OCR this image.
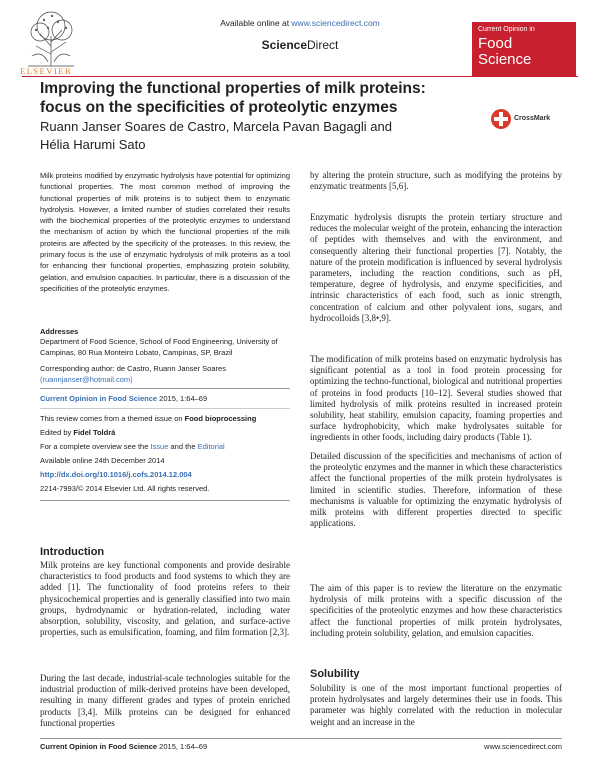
ELSEVIER
Available online at www.sciencedirect.com
ScienceDirect
Current Opinion in
Food
Science
Improving the functional properties of milk proteins:
focus on the specificities of proteolytic enzymes
Ruann Janser Soares de Castro, Marcela Pavan Bagagli and
Hélia Harumi Sato
CrossMark
Milk proteins modified by enzymatic hydrolysis have potential for optimizing functional properties. The most common method of improving the functional properties of milk proteins is to subject them to enzymatic hydrolysis. However, a limited number of studies correlated their results with the biochemical properties of the proteolytic enzymes to understand the mechanism of action by which the functional properties of the milk proteins are affected by the specificity of the proteases. In this review, the primary focus is the use of enzymatic hydrolysis of milk proteins as a tool for enhancing their functional properties, emphasizing protein solubility, gelation, and emulsion capacities. In particular, there is a discussion of the specificities of the proteolytic enzymes.
Addresses
Department of Food Science, School of Food Engineering, University of
Campinas, 80 Rua Monteiro Lobato, Campinas, SP, Brazil
Corresponding author: de Castro, Ruann Janser Soares
(ruannjanser@hotmail.com)
Current Opinion in Food Science 2015, 1:64–69
This review comes from a themed issue on Food bioprocessing
Edited by Fidel Toldrá
For a complete overview see the Issue and the Editorial
Available online 24th December 2014
http://dx.doi.org/10.1016/j.cofs.2014.12.004
2214-7993/© 2014 Elsevier Ltd. All rights reserved.
Introduction
Milk proteins are key functional components and provide desirable characteristics to food products and food systems to which they are added [1]. The functionality of food proteins refers to their physicochemical properties and is generally classified into two main groups, hydrodynamic or hydration-related, including water absorption, solubility, viscosity, and gelation, and surface-active properties, such as emulsification, foaming, and film formation [2,3].
During the last decade, industrial-scale technologies suitable for the industrial production of milk-derived proteins have been developed, resulting in many different grades and types of protein enriched products [3,4]. Milk proteins can be designed for enhanced functional properties
by altering the protein structure, such as modifying the proteins by enzymatic treatments [5,6].
Enzymatic hydrolysis disrupts the protein tertiary structure and reduces the molecular weight of the protein, enhancing the interaction of peptides with themselves and with the environment, and consequently altering their functional properties [7]. Notably, the nature of the protein modification is influenced by several hydrolysis parameters, including the reaction conditions, such as pH, temperature, degree of hydrolysis, and enzyme specificities, and intrinsic characteristics of each food, such as ionic strength, concentration of calcium and other polyvalent ions, sugars, and hydrocolloids [3,8•,9].
The modification of milk proteins based on enzymatic hydrolysis has significant potential as a tool in food protein processing for optimizing the techno-functional, biological and nutritional properties of proteins in food products [10–12]. Several studies showed that limited hydrolysis of milk proteins resulted in increased protein solubility, heat stability, emulsion capacity, foaming properties and surface hydrophobicity, which make hydrolysates suitable for ingredients in other foods, including dairy products (Table 1).
Detailed discussion of the specificities and mechanisms of action of the proteolytic enzymes and the manner in which these characteristics affect the functional properties of the milk protein hydrolysates is limited in scientific studies. Therefore, information of these mechanisms is valuable for optimizing the enzymatic hydrolysis of milk proteins with different properties directed to specific applications.
The aim of this paper is to review the literature on the enzymatic hydrolysis of milk proteins with a specific discussion of the specificities of the proteolytic enzymes and how these characteristics affect the functional properties of milk protein hydrolysates, including protein solubility, gelation, and emulsion capacities.
Solubility
Solubility is one of the most important functional properties of protein hydrolysates and largely determines their use in foods. This parameter was highly correlated with the reduction in molecular weight and an increase in the
Current Opinion in Food Science 2015, 1:64–69	www.sciencedirect.com
